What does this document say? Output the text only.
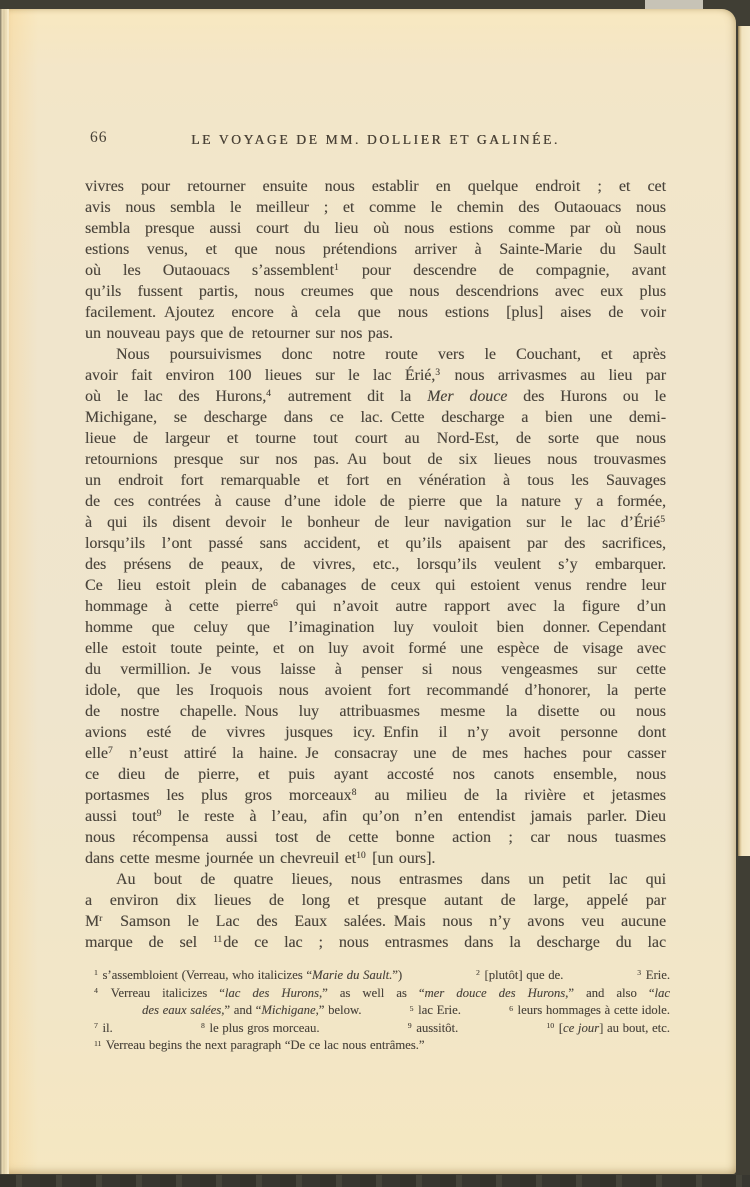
66	LE VOYAGE DE MM. DOLLIER ET GALINÉE.
vivres pour retourner ensuite nous establir en quelque endroit ; et cet
avis nous sembla le meilleur ; et comme le chemin des Outaouacs nous
sembla presque aussi court du lieu où nous estions comme par où nous
estions venus, et que nous prétendions arriver à Sainte-Marie du Sault
où les Outaouacs s’assemblent$^1$ pour descendre de compagnie, avant
qu’ils fussent partis, nous creumes que nous descendrions avec eux plus
facilement. Ajoutez encore à cela que nous estions [plus] aises de voir
un nouveau pays que de retourner sur nos pas.
Nous poursuivismes donc notre route vers le Couchant, et après
avoir fait environ 100 lieues sur le lac Érié,$^3$ nous arrivasmes au lieu par
où le lac des Hurons,$^4$ autrement dit la Mer douce des Hurons ou le
Michigane, se descharge dans ce lac. Cette descharge a bien une demi-
lieue de largeur et tourne tout court au Nord-Est, de sorte que nous
retournions presque sur nos pas. Au bout de six lieues nous trouvasmes
un endroit fort remarquable et fort en vénération à tous les Sauvages
de ces contrées à cause d’une idole de pierre que la nature y a formée,
à qui ils disent devoir le bonheur de leur navigation sur le lac d’Érié$^5$
lorsqu’ils l’ont passé sans accident, et qu’ils apaisent par des sacrifices,
des présens de peaux, de vivres, etc., lorsqu’ils veulent s’y embarquer.
Ce lieu estoit plein de cabanages de ceux qui estoient venus rendre leur
hommage à cette pierre$^6$ qui n’avoit autre rapport avec la figure d’un
homme que celuy que l’imagination luy vouloit bien donner. Cependant
elle estoit toute peinte, et on luy avoit formé une espèce de visage avec
du vermillion. Je vous laisse à penser si nous vengeasmes sur cette
idole, que les Iroquois nous avoient fort recommandé d’honorer, la perte
de nostre chapelle. Nous luy attribuasmes mesme la disette ou nous
avions esté de vivres jusques icy. Enfin il n’y avoit personne dont
elle$^7$ n’eust attiré la haine. Je consacray une de mes haches pour casser
ce dieu de pierre, et puis ayant accosté nos canots ensemble, nous
portasmes les plus gros morceaux$^8$ au milieu de la rivière et jetasmes
aussi tout$^9$ le reste à l’eau, afin qu’on n’en entendist jamais parler. Dieu
nous récompensa aussi tost de cette bonne action ; car nous tuasmes
dans cette mesme journée un chevreuil $et^{10}$ [un ours].
Au bout de quatre lieues, nous entrasmes dans un petit lac qui
a environ dix lieues de long et presque autant de large, appelé par
$M^r$ Samson le Lac des Eaux salées. Mais nous n’y avons veu aucune
marque de sel $^{11}$de ce lac ; nous entrasmes dans la descharge du lac
$^1$ s’assembloient (Verreau, who italicizes “Marie du Sault.”)	$^2$ [plutôt] que de.	$^3$ Erie.
$^4$ Verreau italicizes “lac des Hurons,” as well as “mer douce des Hurons,” and also “lac
des eaux salées,” and “Michigane,” below.	$^5$ lac Erie.	$^6$ leurs hommages à cette idole.
$^7$ il.	$^8$ le plus gros morceau.	$^9$ aussitôt.	$^{10}$ [ce jour] au bout, etc.
$^{11}$ Verreau begins the next paragraph “De ce lac nous entrâmes.”
